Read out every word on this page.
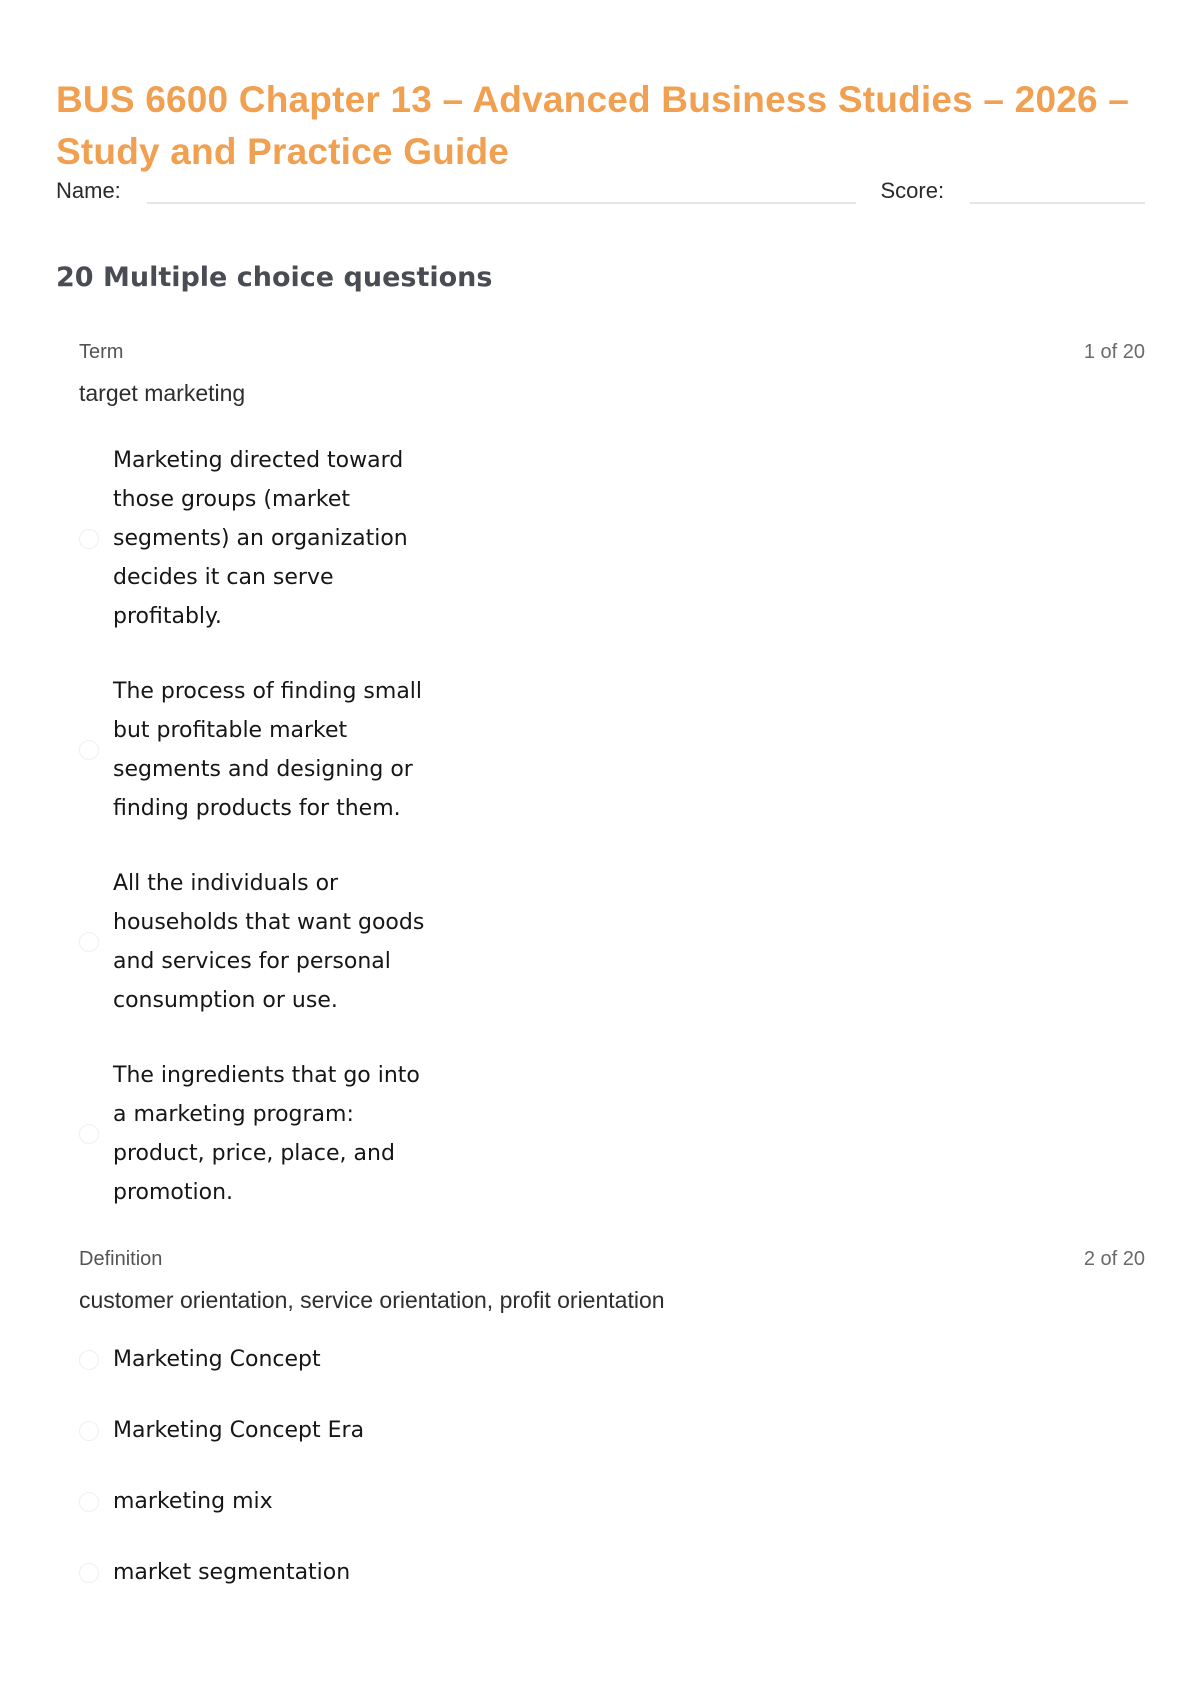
BUS 6600 Chapter 13 – Advanced Business Studies – 2026 – Study and Practice Guide
Name:	Score:
20 Multiple choice questions
Term	1 of 20
target marketing
Marketing directed toward those groups (market segments) an organization decides it can serve profitably.
The process of finding small but profitable market segments and designing or finding products for them.
All the individuals or households that want goods and services for personal consumption or use.
The ingredients that go into a marketing program: product, price, place, and promotion.
Definition	2 of 20
customer orientation, service orientation, profit orientation
Marketing Concept
Marketing Concept Era
marketing mix
market segmentation
